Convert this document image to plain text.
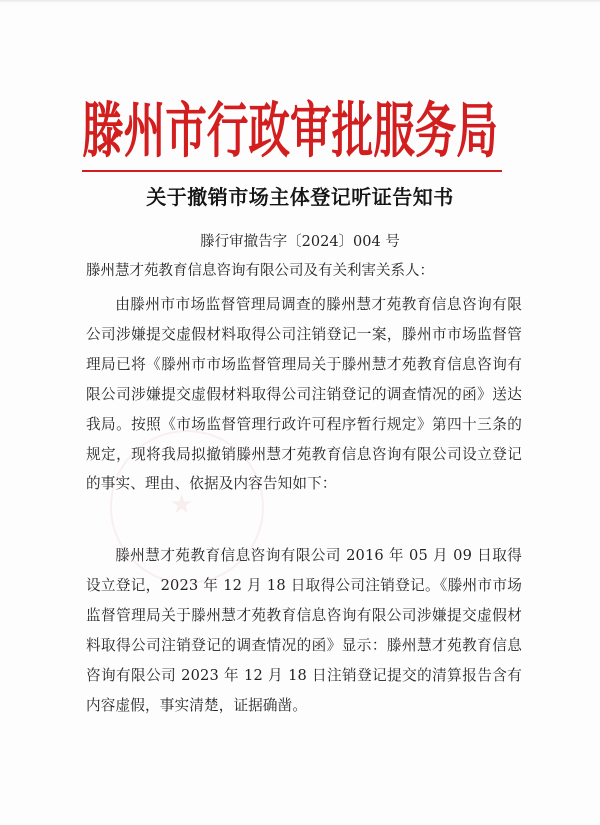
滕州市行政审批服务局
★
关于撤销市场主体登记听证告知书
滕行审撤告字〔2024〕004 号
滕州慧才苑教育信息咨询有限公司及有关利害关系人：
由滕州市市场监督管理局调查的滕州慧才苑教育信息咨询有限公司涉嫌提交虚假材料取得公司注销登记一案，滕州市市场监督管理局已将《滕州市市场监督管理局关于滕州慧才苑教育信息咨询有限公司涉嫌提交虚假材料取得公司注销登记的调查情况的函》送达我局。按照《市场监督管理行政许可程序暂行规定》第四十三条的规定，现将我局拟撤销滕州慧才苑教育信息咨询有限公司设立登记的事实、理由、依据及内容告知如下：
滕州慧才苑教育信息咨询有限公司 2016 年 05 月 09 日取得设立登记，2023 年 12 月 18 日取得公司注销登记。《滕州市市场监督管理局关于滕州慧才苑教育信息咨询有限公司涉嫌提交虚假材料取得公司注销登记的调查情况的函》显示：滕州慧才苑教育信息咨询有限公司 2023 年 12 月 18 日注销登记提交的清算报告含有内容虚假，事实清楚，证据确凿。
